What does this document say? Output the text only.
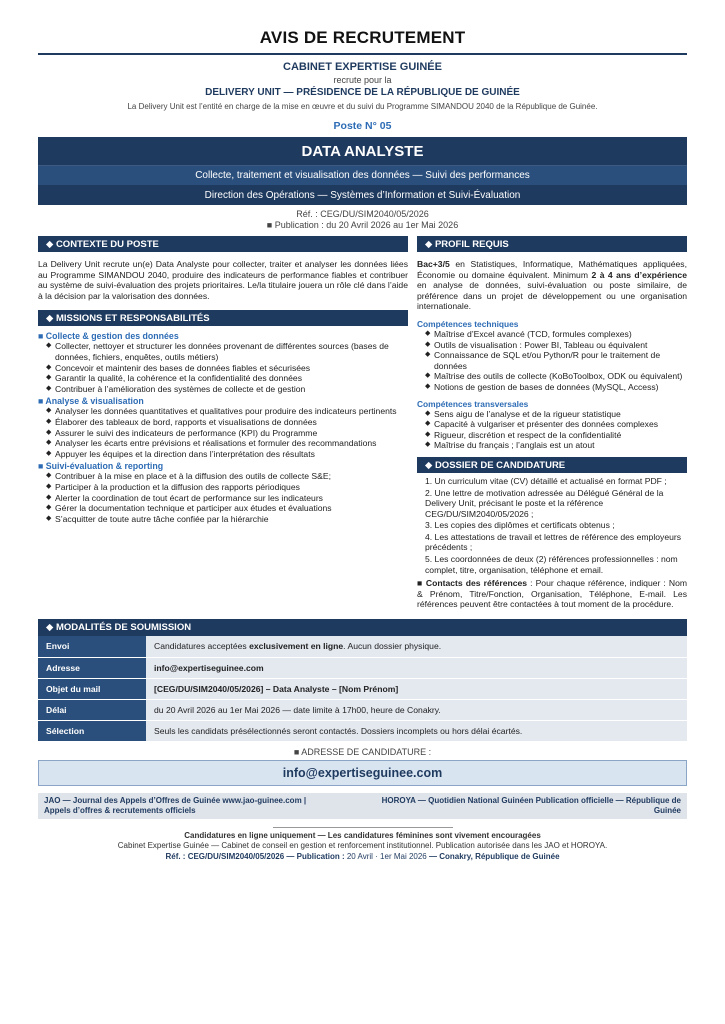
AVIS DE RECRUTEMENT
CABINET EXPERTISE GUINÉE
recrute pour la
DELIVERY UNIT — PRÉSIDENCE DE LA RÉPUBLIQUE DE GUINÉE
La Delivery Unit est l’entité en charge de la mise en œuvre et du suivi du Programme SIMANDOU 2040 de la République de Guinée.
Poste N° 05
DATA ANALYSTE
Collecte, traitement et visualisation des données — Suivi des performances
Direction des Opérations — Systèmes d’Information et Suivi-Évaluation
Réf. : CEG/DU/SIM2040/05/2026
■ Publication : du 20 Avril 2026 au 1er Mai 2026
◆ CONTEXTE DU POSTE

La Delivery Unit recrute un(e) Data Analyste pour collecter, traiter et analyser les données liées au Programme SIMANDOU 2040, produire des indicateurs de performance fiables et contribuer au système de suivi-évaluation des projets prioritaires. Le/la titulaire jouera un rôle clé dans l’aide à la décision par la valorisation des données.

◆ MISSIONS ET RESPONSABILITÉS
■ Collecte & gestion des données
◆ Collecter, nettoyer et structurer les données provenant de différentes sources (bases de données, fichiers, enquêtes, outils métiers)
◆ Concevoir et maintenir des bases de données fiables et sécurisées
◆ Garantir la qualité, la cohérence et la confidentialité des données
◆ Contribuer à l’amélioration des systèmes de collecte et de gestion
■ Analyse & visualisation
◆ Analyser les données quantitatives et qualitatives pour produire des indicateurs pertinents
◆ Élaborer des tableaux de bord, rapports et visualisations de données
◆ Assurer le suivi des indicateurs de performance (KPI) du Programme
◆ Analyser les écarts entre prévisions et réalisations et formuler des recommandations
◆ Appuyer les équipes et la direction dans l’interprétation des résultats
■ Suivi-évaluation & reporting
◆ Contribuer à la mise en place et à la diffusion des outils de collecte S&E;
◆ Participer à la production et la diffusion des rapports périodiques
◆ Alerter la coordination de tout écart de performance sur les indicateurs
◆ Gérer la documentation technique et participer aux études et évaluations
◆ S’acquitter de toute autre tâche confiée par la hiérarchie
◆ PROFIL REQUIS

Bac+3/5 en Statistiques, Informatique, Mathématiques appliquées, Économie ou domaine équivalent. Minimum 2 à 4 ans d’expérience en analyse de données, suivi-évaluation ou poste similaire, de préférence dans un projet de développement ou une organisation internationale.

Compétences techniques
◆ Maîtrise d’Excel avancé (TCD, formules complexes)
◆ Outils de visualisation : Power BI, Tableau ou équivalent
◆ Connaissance de SQL et/ou Python/R pour le traitement de données
◆ Maîtrise des outils de collecte (KoBoToolbox, ODK ou équivalent)
◆ Notions de gestion de bases de données (MySQL, Access)
Compétences transversales
◆ Sens aigu de l’analyse et de la rigueur statistique
◆ Capacité à vulgariser et présenter des données complexes
◆ Rigueur, discrétion et respect de la confidentialité
◆ Maîtrise du français ; l’anglais est un atout
◆ DOSSIER DE CANDIDATURE
1. Un curriculum vitae (CV) détaillé et actualisé en format PDF ;
2. Une lettre de motivation adressée au Délégué Général de la Delivery Unit, précisant le poste et la référence CEG/DU/SIM2040/05/2026 ;
3. Les copies des diplômes et certificats obtenus ;
4. Les attestations de travail et lettres de référence des employeurs précédents ;
5. Les coordonnées de deux (2) références professionnelles : nom complet, titre, organisation, téléphone et email.

■ Contacts des références : Pour chaque référence, indiquer : Nom & Prénom, Titre/Fonction, Organisation, Téléphone, E-mail. Les références peuvent être contactées à tout moment de la procédure.

◆ MODALITÉS DE SOUMISSION
Envoi	Candidatures acceptées exclusivement en ligne. Aucun dossier physique.
Adresse	info@expertiseguinee.com
Objet du mail	[CEG/DU/SIM2040/05/2026] – Data Analyste – [Nom Prénom]
Délai	du 20 Avril 2026 au 1er Mai 2026 — date limite à 17h00, heure de Conakry.
Sélection	Seuls les candidats présélectionnés seront contactés. Dossiers incomplets ou hors délai écartés.
■ ADRESSE DE CANDIDATURE :
info@expertiseguinee.com
JAO — Journal des Appels d’Offres de Guinée www.jao-guinee.com | Appels d’offres & recrutements officiels
HOROYA — Quotidien National Guinéen Publication officielle — République de Guinée
Candidatures en ligne uniquement — Les candidatures féminines sont vivement encouragées
Cabinet Expertise Guinée — Cabinet de conseil en gestion et renforcement institutionnel. Publication autorisée dans les JAO et HOROYA.
Réf. : CEG/DU/SIM2040/05/2026 — Publication : 20 Avril · 1er Mai 2026 — Conakry, République de Guinée
